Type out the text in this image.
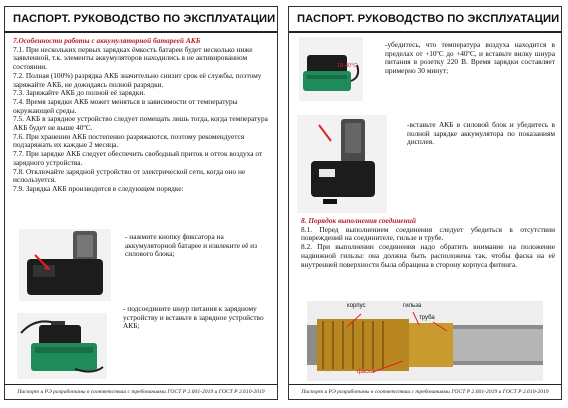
ПАСПОРТ. РУКОВОДСТВО ПО ЭКСПЛУАТАЦИИ
7.Особенности работы с аккумуляторной батареей АКБ

7.1. При нескольких первых зарядках ёмкость батареи будет несколько ниже заявленной, т.к. элементы аккумуляторов находились в не активированном состоянии.

7.2. Полная (100%) разрядка АКБ значительно снизит срок её службы, поэтому заряжайте АКБ, не дожидаясь полной разрядки.

7.3. Заряжайте АКБ до полной её зарядки.

7.4. Время зарядки АКБ может меняться в зависимости от температуры окружающей среды.

7.5. АКБ в зарядное устройство следует помещать лишь тогда, когда температура АКБ будет не выше 40ºС.

7.6. При хранении АКБ постепенно разряжаются, поэтому рекомендуется подзаряжать их каждые 2 месяца.

7.7. При зарядке АКБ следует обеспечить свободный приток и отток воздуха от зарядного устройства.

7.8. Отключайте зарядной устройство от электрической сети, когда оно не используется.

7.9. Зарядка АКБ производится в следующем порядке:

- нажмите кнопку фиксатора на аккумуляторной батарее и извлеките её из силового блока;
- подсоедините шнур питания к зарядному устройству и вставьте в зарядное устройство АКБ;
Паспорт и РЭ разработаны в соответствии с требованиями ГОСТ Р 2.601-2019 и ГОСТ Р 2.610-2019
ПАСПОРТ. РУКОВОДСТВО ПО ЭКСПЛУАТАЦИИ
10-40°C
-убедитесь, что температура воздуха находится в пределах от +10ºС до +40ºС, и вставьте вилку шнура питания в розетку 220 В. Время зарядки составляет примерно 30 минут;
-вставьте АКБ в силовой блок и убедитесь в полной зарядке аккумулятора по показаниям дисплея.
8. Порядок выполнения соединений

8.1. Перед выполнением соединения следует убедиться в отсутствии повреждений на соединителе, гильзе и трубе.

8.2. При выполнении соединения надо обратить внимание на положение надвижной гильзы: она должна быть расположена так, чтобы фаска на её внутренней поверхности была обращена в сторону корпуса фитинга.

корпус	гильза
труба
фаска
Паспорт и РЭ разработаны в соответствии с требованиями ГОСТ Р 2.601-2019 и ГОСТ Р 2.610-2019
